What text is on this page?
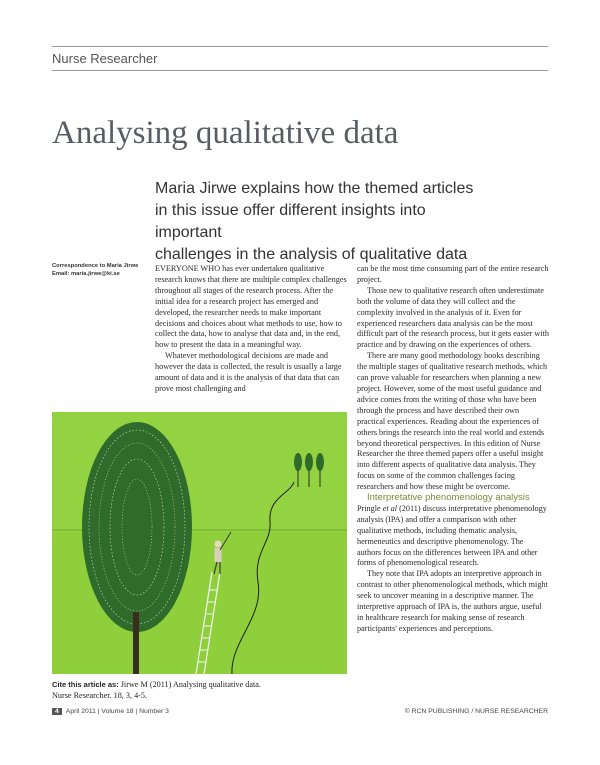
Nurse Researcher
Analysing qualitative data
Maria Jirwe explains how the themed articles
in this issue offer different insights into important
challenges in the analysis of qualitative data
Correspondence to Maria Jirwe
Email: maria.jirwe@ki.se

EVERYONE WHO has ever undertaken qualitative research knows that there are multiple complex challenges throughout all stages of the research process. After the initial idea for a research project has emerged and developed, the researcher needs to make important decisions and choices about what methods to use, how to collect the data, how to analyse that data and, in the end, how to present the data in a meaningful way.

Whatever methodological decisions are made and however the data is collected, the result is usually a large amount of data and it is the analysis of that data that can prove most challenging and

can be the most time consuming part of the entire research project.

Those new to qualitative research often underestimate both the volume of data they will collect and the complexity involved in the analysis of it. Even for experienced researchers data analysis can be the most difficult part of the research process, but it gets easier with practice and by drawing on the experiences of others.

There are many good methodology books describing the multiple stages of qualitative research methods, which can prove valuable for researchers when planning a new project. However, some of the most useful guidance and advice comes from the writing of those who have been through the process and have described their own practical experiences. Reading about the experiences of others brings the research into the real world and extends beyond theoretical perspectives. In this edition of Nurse Researcher the three themed papers offer a useful insight into different aspects of qualitative data analysis. They focus on some of the common challenges facing researchers and how these might be overcome.

Interpretative phenomenology analysis

Pringle et al (2011) discuss interpretative phenomenology analysis (IPA) and offer a comparison with other qualitative methods, including thematic analysis, hermeneutics and descriptive phenomenology. The authors focus on the differences between IPA and other forms of phenomenological research.

They note that IPA adopts an interpretive approach in contrast to other phenomenological methods, which might seek to uncover meaning in a descriptive manner. The interpretive approach of IPA is, the authors argue, useful in healthcare research for making sense of research participants' experiences and perceptions.

Cite this article as: Jirwe M (2011) Analysing qualitative data.
Nurse Researcher. 18, 3, 4-5.
4 April 2011 | Volume 18 | Number 3	© RCN PUBLISHING / NURSE RESEARCHER
